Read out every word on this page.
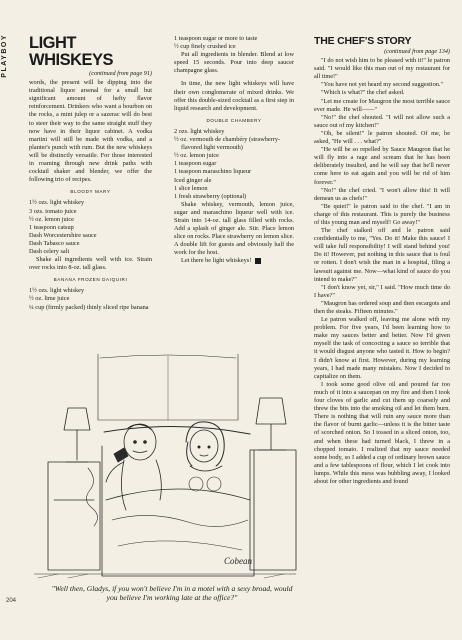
PLAYBOY LIGHT WHISKEYS
(continued from page 91)

words, the present will be dipping into the traditional liquor arsenal for a small but significant amount of hefty flavor reinforcement. Drinkers who want a bourbon on the rocks, a mint julep or a sazerac will do best to steer their way to the same straight stuff they now have in their liquor cabinet. A vodka martini will still be made with vodka, and a planter's punch with rum. But the new whiskeys will be distinctly versatile. For those interested in roaming through new drink paths with cocktail shaker and blender, we offer the following trio of recipes.

BLOODY MARY
1½ ozs. light whiskey
3 ozs. tomato juice
½ oz. lemon juice
1 teaspoon catsup
Dash Worcestershire sauce
Dash Tabasco sauce
Dash celery salt

Shake all ingredients well with ice. Strain over rocks into 8-oz. tall glass.

BANANA FROZEN DAIQUIRI
1½ ozs. light whiskey
½ oz. lime juice
¼ cup (firmly packed) thinly sliced ripe banana
1 teaspoon sugar or more to taste
½ cup finely crushed ice

Put all ingredients in blender. Blend at low speed 15 seconds. Pour into deep saucer champagne glass.

In time, the new light whiskeys will have their own conglomerate of mixed drinks. We offer this double-sized cocktail as a first step in liquid research and development.

DOUBLE CHAMBERY
2 ozs. light whiskey
½ oz. vermouth de chambéry (strawberry-flavored light vermouth)
½ oz. lemon juice
1 teaspoon sugar
1 teaspoon maraschino liqueur
Iced ginger ale
1 slice lemon
1 fresh strawberry (optional)

Shake whiskey, vermouth, lemon juice, sugar and maraschino liqueur well with ice. Strain into 14-oz. tall glass filled with rocks. Add a splash of ginger ale. Stir. Place lemon slice on rocks. Place strawberry on lemon slice. A double lift for guests and obviously half the work for the host.

Let there be light whiskeys! P

THE CHEF'S STORY
(continued from page 134)

"I do not wish him to be pleased with it!" le patron said. "I would like this man out of my restaurant for all time!"

"You have not yet heard my second suggestion."

"Which is what?" the chef asked.

"Let me create for Maugron the most terrible sauce ever made. He will——"

"No!" the chef shouted. "I will not allow such a sauce out of my kitchen!"

"Oh, be silent!" le patron shouted. Of me, he asked, "He will . . . what?"

"He will be so repelled by Sauce Maugron that he will fly into a rage and scream that he has been deliberately insulted, and he will say that he'll never come here to eat again and you will be rid of him forever."

"No!" the chef cried. "I won't allow this! It will demean us as chefs!"

"Be quiet!" le patron said to the chef. "I am in charge of this restaurant. This is purely the business of this young man and myself! Go away!"

The chef stalked off and le patron said confidentially to me, "Yes. Do it! Make this sauce! I will take full responsibility! I will stand behind you! Do it! However, put nothing in this sauce that is foul or rotten. I don't wish the man in a hospital, filing a lawsuit against me. Now—what kind of sauce do you intend to make?"

"I don't know yet, sir," I said. "How much time do I have?"

"Maugron has ordered soup and then escargots and then the steaks. Fifteen minutes."

Le patron walked off, leaving me alone with my problem. For five years, I'd been learning how to make my sauces better and better. Now I'd given myself the task of concocting a sauce so terrible that it would disgust anyone who tasted it. How to begin? I didn't know at first. However, during my learning years, I had made many mistakes. Now I decided to capitalize on them.

I took some good olive oil and poured far too much of it into a saucepan on my fire and then I took four cloves of garlic and cut them up coarsely and threw the bits into the smoking oil and let them burn. There is nothing that will ruin any sauce more than the flavor of burnt garlic—unless it is the bitter taste of scorched onion. So I tossed in a sliced onion, too, and when these had turned black, I threw in a chopped tomato. I realized that my sauce needed some body, so I added a cup of ordinary brown sauce and a few tablespoons of flour, which I let cook into lumps. While this mess was bubbling away, I looked about for other ingredients and found

Cobean
"Well then, Gladys, if you won't believe I'm in a motel with a sexy broad, would you believe I'm working late at the office?"
204
